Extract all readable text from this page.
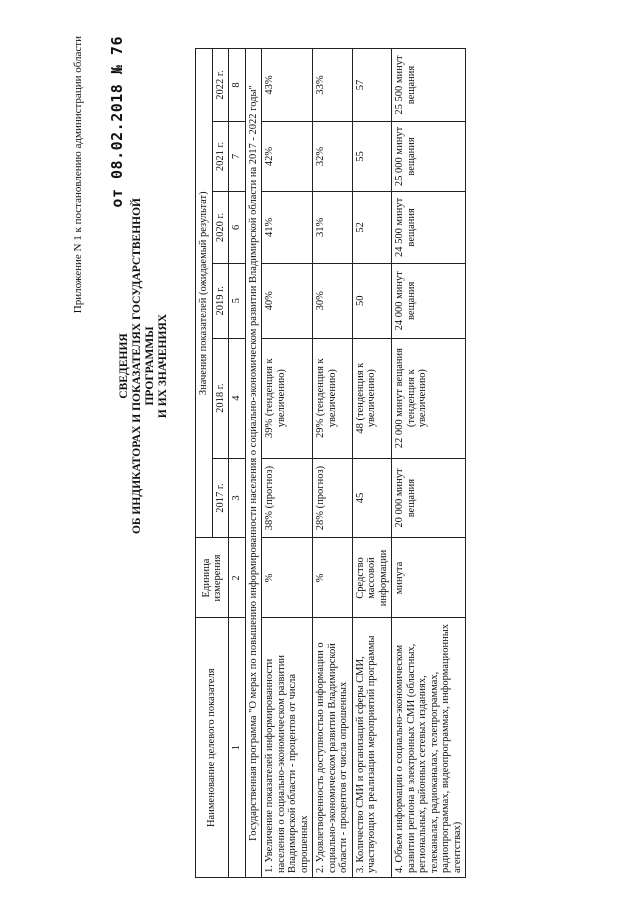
Приложение N 1 к постановлению администрации области от 08.02.2018 № 76
СВЕДЕНИЯ ОБ ИНДИКАТОРАХ И ПОКАЗАТЕЛЯХ ГОСУДАРСТВЕННОЙ ПРОГРАММЫ И ИХ ЗНАЧЕНИЯХ
Наименование целевого показателя	Единица измерения	Значения показателей (ожидаемый результат)					
		2017 г.	2018 г.	2019 г.	2020 г.	2021 г.	2022 г.
1	2	3	4	5	6	7	8
Государственная программа "О мерах по повышению информированности населения о социально-экономическом развитии Владимирской области на 2017 - 2022 годы"							
1. Увеличение показателей информированности населения о социально-экономическом развитии Владимирской области - процентов от числа опрошенных	%	38% (прогноз)	39% (тенденция к увеличению)	40%	41%	42%	43%
2. Удовлетворенность доступностью информации о социально-экономическом развитии Владимирской области - процентов от числа опрошенных	%	28% (прогноз)	29% (тенденция к увеличению)	30%	31%	32%	33%
3. Количество СМИ и организаций сферы СМИ, участвующих в реализации мероприятий программы	Средство массовой информации	45	48 (тенденция к увеличению)	50	52	55	57
4. Объем информации о социально-экономическом развитии региона в электронных СМИ (областных, региональных, районных сетевых изданиях, телеканалах, радиоканалах, телепрограммах, радиопрограммах, видеопрограммах, информационных агентствах)	минута	20 000 минут вещания	22 000 минут вещания (тенденция к увеличению)	24 000 минут вещания	24 500 минут вещания	25 000 минут вещания	25 500 минут вещания
